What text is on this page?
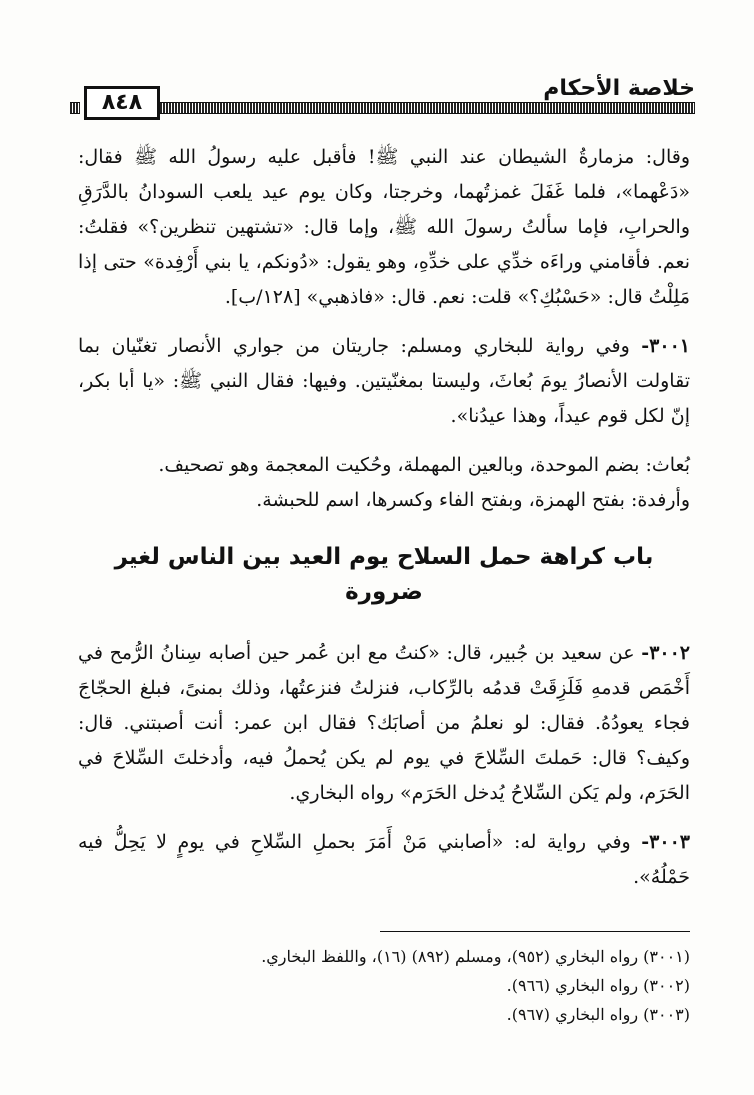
خلاصة الأحكام
٨٤٨

وقال: مزمارةُ الشيطان عند النبي ﷺ! فأقبل عليه رسولُ الله ﷺ فقال: «دَعْهما»، فلما غَفَلَ غمزتُهما، وخرجتا، وكان يوم عيد يلعب السودانُ بالدَّرَقِ والحرابِ، فإما سألتُ رسولَ الله ﷺ، وإما قال: «تشتهين تنظرين؟» فقلتُ: نعم. فأقامني وراءَه خدِّي على خدِّهِ، وهو يقول: «دُونكم، يا بني أَرْفِدة» حتى إذا مَلِلْتُ قال: «حَسْبُكِ؟» قلت: نعم. قال: «فاذهبي» [١٢٨/ب].

٣٠٠١- وفي رواية للبخاري ومسلم: جاريتان من جواري الأنصار تغنّيان بما تقاولت الأنصارُ يومَ بُعاثَ، وليستا بمغنّيتين. وفيها: فقال النبي ﷺ: «يا أبا بكر، إنّ لكل قوم عيداً، وهذا عيدُنا».

بُعاث: بضم الموحدة، وبالعين المهملة، وحُكيت المعجمة وهو تصحيف.

وأرفدة: بفتح الهمزة، وبفتح الفاء وكسرها، اسم للحبشة.

باب كراهة حمل السلاح يوم العيد بين الناس لغير ضرورة

٣٠٠٢- عن سعيد بن جُبير، قال: «كنتُ مع ابن عُمر حين أصابه سِنانُ الرُّمح في أَخْمَص قدمهِ فَلَزِقَتْ قدمُه بالرِّكاب، فنزلتُ فنزعتُها، وذلك بمنىً، فبلغ الحجّاجَ فجاء يعودُهُ. فقال: لو نعلمُ من أصابَك؟ فقال ابن عمر: أنت أصبتني. قال: وكيف؟ قال: حَملتَ السِّلاحَ في يوم لم يكن يُحملُ فيه، وأدخلتَ السِّلاحَ في الحَرَم، ولم يَكن السِّلاحُ يُدخل الحَرَم» رواه البخاري.

٣٠٠٣- وفي رواية له: «أصابني مَنْ أَمَرَ بحملِ السِّلاحِ في يومٍ لا يَحِلُّ فيه حَمْلُهُ».

(٣٠٠١) رواه البخاري (٩٥٢)، ومسلم (٨٩٢) (١٦)، واللفظ البخاري.

(٣٠٠٢) رواه البخاري (٩٦٦).

(٣٠٠٣) رواه البخاري (٩٦٧).
